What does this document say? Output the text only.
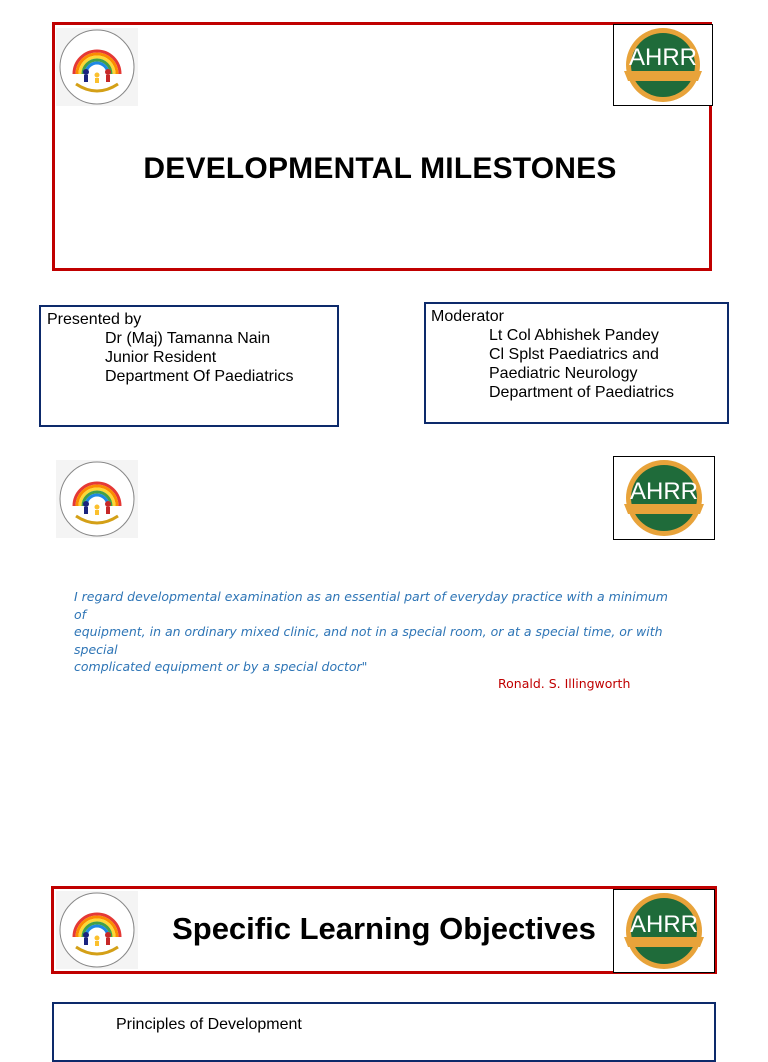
AHRR
DEVELOPMENTAL MILESTONES
Presented by
Dr (Maj) Tamanna Nain
Junior Resident
Department Of Paediatrics
Moderator
Lt Col Abhishek Pandey
Cl Splst Paediatrics and
Paediatric Neurology
Department of Paediatrics
AHRR
I regard developmental examination as an essential part of everyday practice with a minimum of
equipment, in an ordinary mixed clinic, and not in a special room, or at a special time, or with special
complicated equipment or by a special doctor"
Ronald. S. Illingworth
AHRR
Specific Learning Objectives
Principles of Development
